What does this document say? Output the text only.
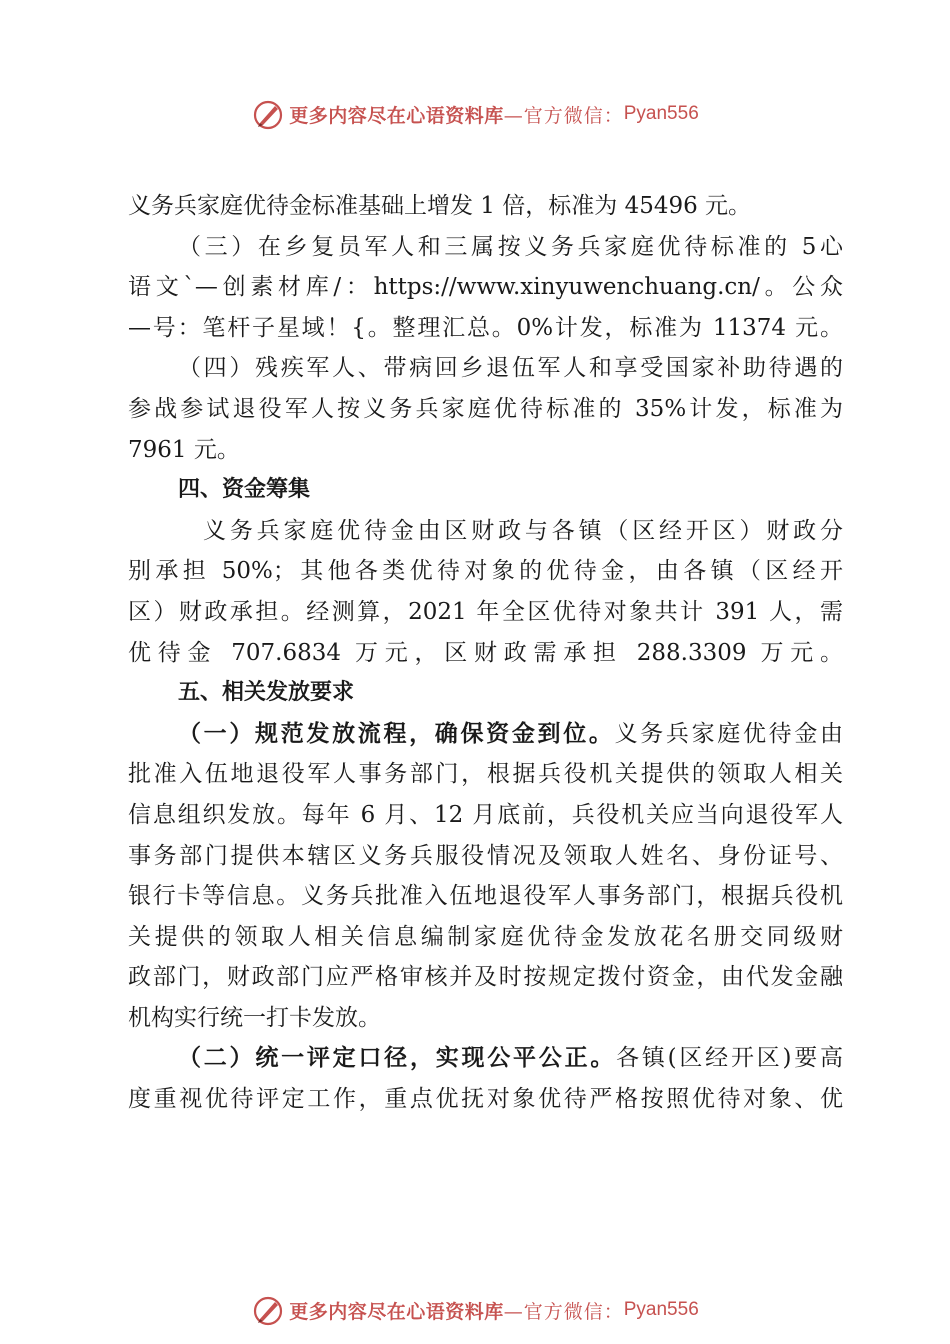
更多内容尽在心语资料库 —官方微信： Pyan556
义务兵家庭优待金标准基础上增发 1 倍，标准为 45496 元。
（三）在乡复员军人和三属按义务兵家庭优待标准的 5心
语文`—创素材库/：https://www.xinyuwenchuang.cn/。公众
—号：笔杆子星域！{。整理汇总。0%计发，标准为 11374 元。
（四）残疾军人、带病回乡退伍军人和享受国家补助待遇的
参战参试退役军人按义务兵家庭优待标准的 35%计发，标准为
7961 元。
四、资金筹集
义务兵家庭优待金由区财政与各镇（区经开区）财政分
别承担 50%；其他各类优待对象的优待金，由各镇（区经开
区）财政承担。经测算，2021 年全区优待对象共计 391 人，需
优待金 707.6834 万元，区财政需承担 288.3309 万元。
五、相关发放要求
（一）规范发放流程，确保资金到位。义务兵家庭优待金由
批准入伍地退役军人事务部门，根据兵役机关提供的领取人相关
信息组织发放。每年 6 月、12 月底前，兵役机关应当向退役军人
事务部门提供本辖区义务兵服役情况及领取人姓名、身份证号、
银行卡等信息。义务兵批准入伍地退役军人事务部门，根据兵役机
关提供的领取人相关信息编制家庭优待金发放花名册交同级财
政部门，财政部门应严格审核并及时按规定拨付资金，由代发金融
机构实行统一打卡发放。
（二）统一评定口径，实现公平公正。各镇(区经开区)要高
度重视优待评定工作，重点优抚对象优待严格按照优待对象、优
更多内容尽在心语资料库 —官方微信： Pyan556
